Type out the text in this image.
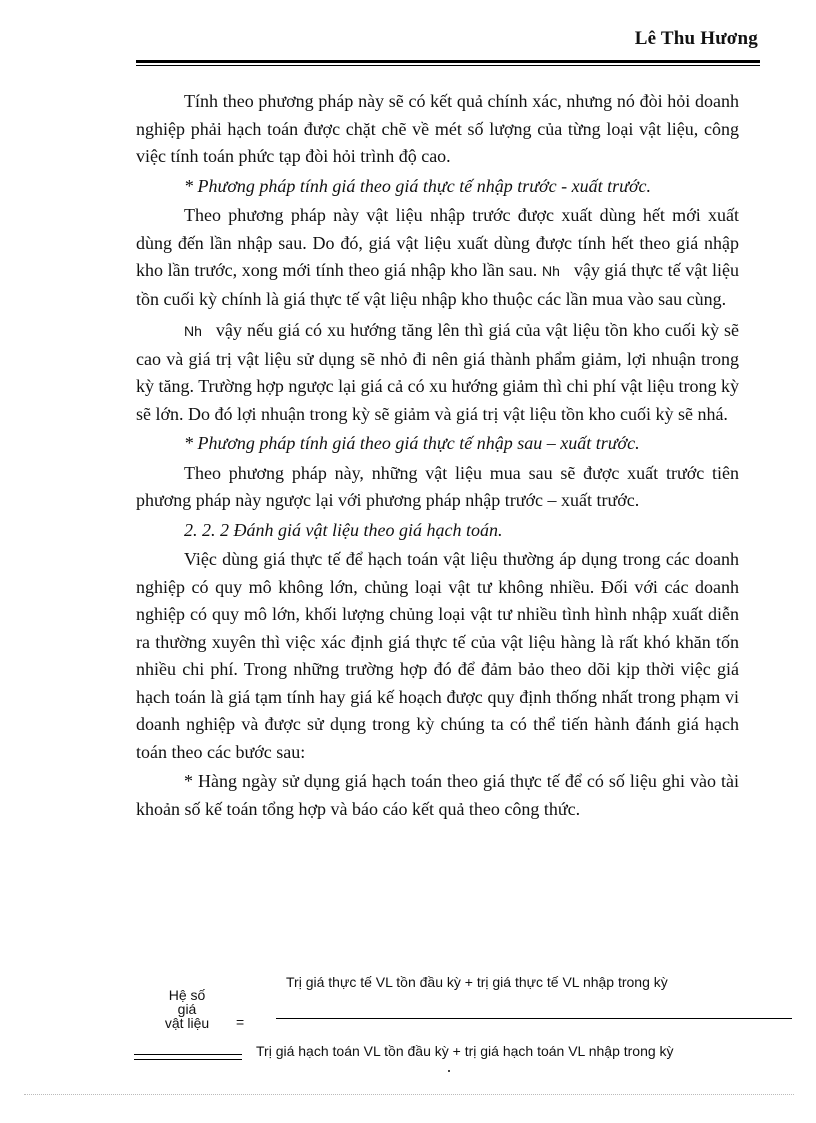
Lê Thu Hương

Tính theo phương pháp này sẽ có kết quả chính xác, nhưng nó đòi hỏi doanh nghiệp phải hạch toán được chặt chẽ về mét số lượng của từng loại vật liệu, công việc tính toán phức tạp đòi hỏi trình độ cao.

* Phương pháp tính giá theo giá thực tế nhập trước - xuất trước.

Theo phương pháp này vật liệu nhập trước được xuất dùng hết mới xuất dùng đến lần nhập sau. Do đó, giá vật liệu xuất dùng được tính hết theo giá nhập kho lần trước, xong mới tính theo giá nhập kho lần sau. Nh vậy giá thực tế vật liệu tồn cuối kỳ chính là giá thực tế vật liệu nhập kho thuộc các lần mua vào sau cùng.

Nh vậy nếu giá có xu hướng tăng lên thì giá của vật liệu tồn kho cuối kỳ sẽ cao và giá trị vật liệu sử dụng sẽ nhỏ đi nên giá thành phẩm giảm, lợi nhuận trong kỳ tăng. Trường hợp ngược lại giá cả có xu hướng giảm thì chi phí vật liệu trong kỳ sẽ lớn. Do đó lợi nhuận trong kỳ sẽ giảm và giá trị vật liệu tồn kho cuối kỳ sẽ nhá.

* Phương pháp tính giá theo giá thực tế nhập sau – xuất trước.

Theo phương pháp này, những vật liệu mua sau sẽ được xuất trước tiên phương pháp này ngược lại với phương pháp nhập trước – xuất trước.

2. 2. 2 Đánh giá vật liệu theo giá hạch toán.

Việc dùng giá thực tế để hạch toán vật liệu thường áp dụng trong các doanh nghiệp có quy mô không lớn, chủng loại vật tư không nhiều. Đối với các doanh nghiệp có quy mô lớn, khối lượng chủng loại vật tư nhiều tình hình nhập xuất diễn ra thường xuyên thì việc xác định giá thực tế của vật liệu hàng là rất khó khăn tốn nhiều chi phí. Trong những trường hợp đó để đảm bảo theo dõi kịp thời việc giá hạch toán là giá tạm tính hay giá kế hoạch được quy định thống nhất trong phạm vi doanh nghiệp và được sử dụng trong kỳ chúng ta có thể tiến hành đánh giá hạch toán theo các bước sau:

* Hàng ngày sử dụng giá hạch toán theo giá thực tế để có số liệu ghi vào tài khoản số kế toán tổng hợp và báo cáo kết quả theo công thức.

Hệ số
giá
vật liệu	=
Trị giá thực tế VL tồn đầu kỳ + trị giá thực tế VL nhập trong kỳ
Trị giá hạch toán VL tồn đầu kỳ + trị giá hạch toán VL nhập trong kỳ
